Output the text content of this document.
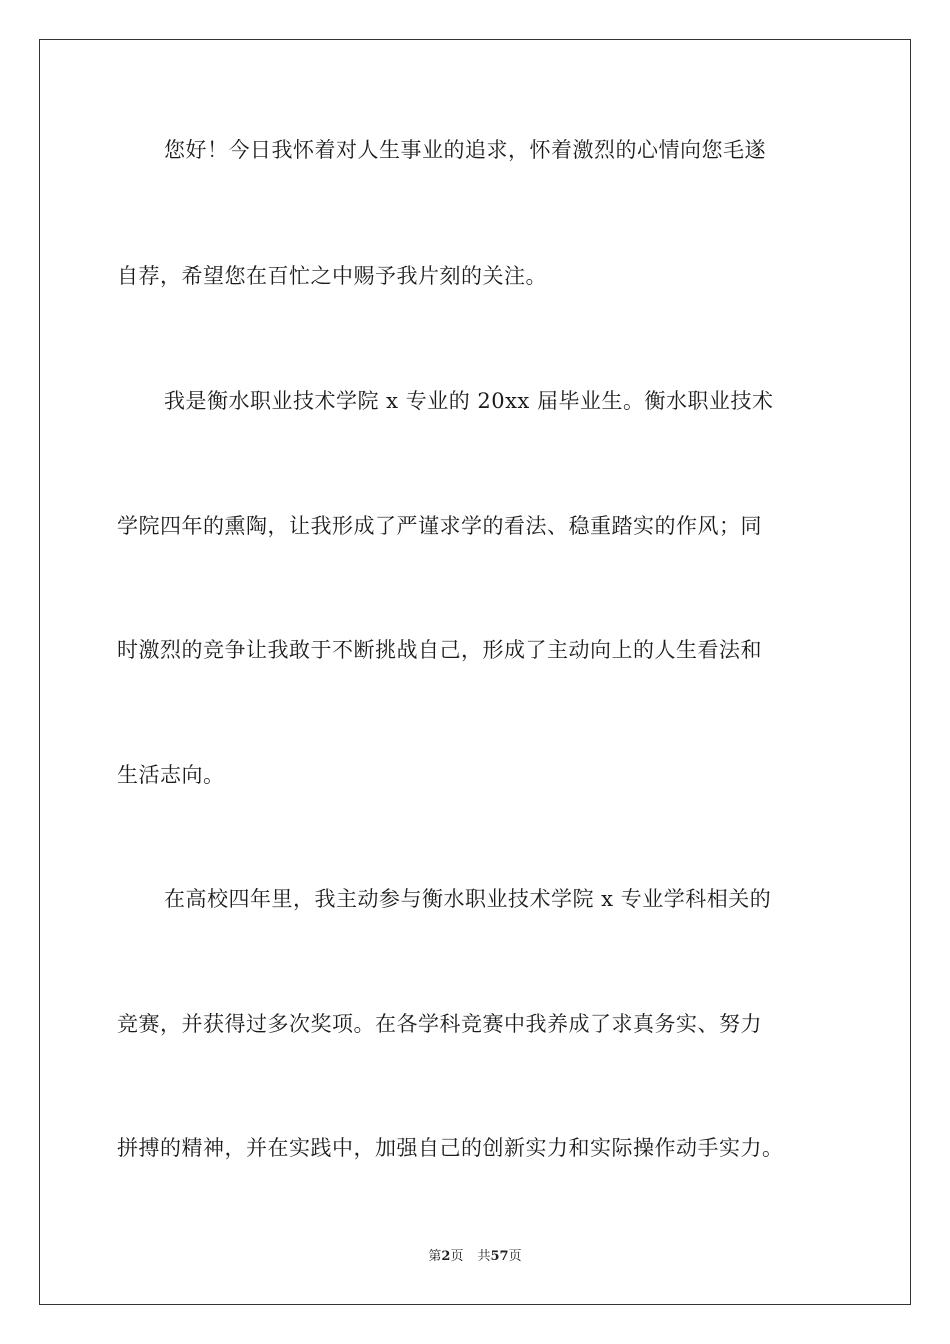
您好！今日我怀着对人生事业的追求，怀着激烈的心情向您毛遂
自荐，希望您在百忙之中赐予我片刻的关注。
我是衡水职业技术学院 x 专业的 20xx 届毕业生。衡水职业技术
学院四年的熏陶，让我形成了严谨求学的看法、稳重踏实的作风；同
时激烈的竞争让我敢于不断挑战自己，形成了主动向上的人生看法和
生活志向。
在高校四年里，我主动参与衡水职业技术学院 x 专业学科相关的
竞赛，并获得过多次奖项。在各学科竞赛中我养成了求真务实、努力
拼搏的精神，并在实践中，加强自己的创新实力和实际操作动手实力。
第2页 共57页
